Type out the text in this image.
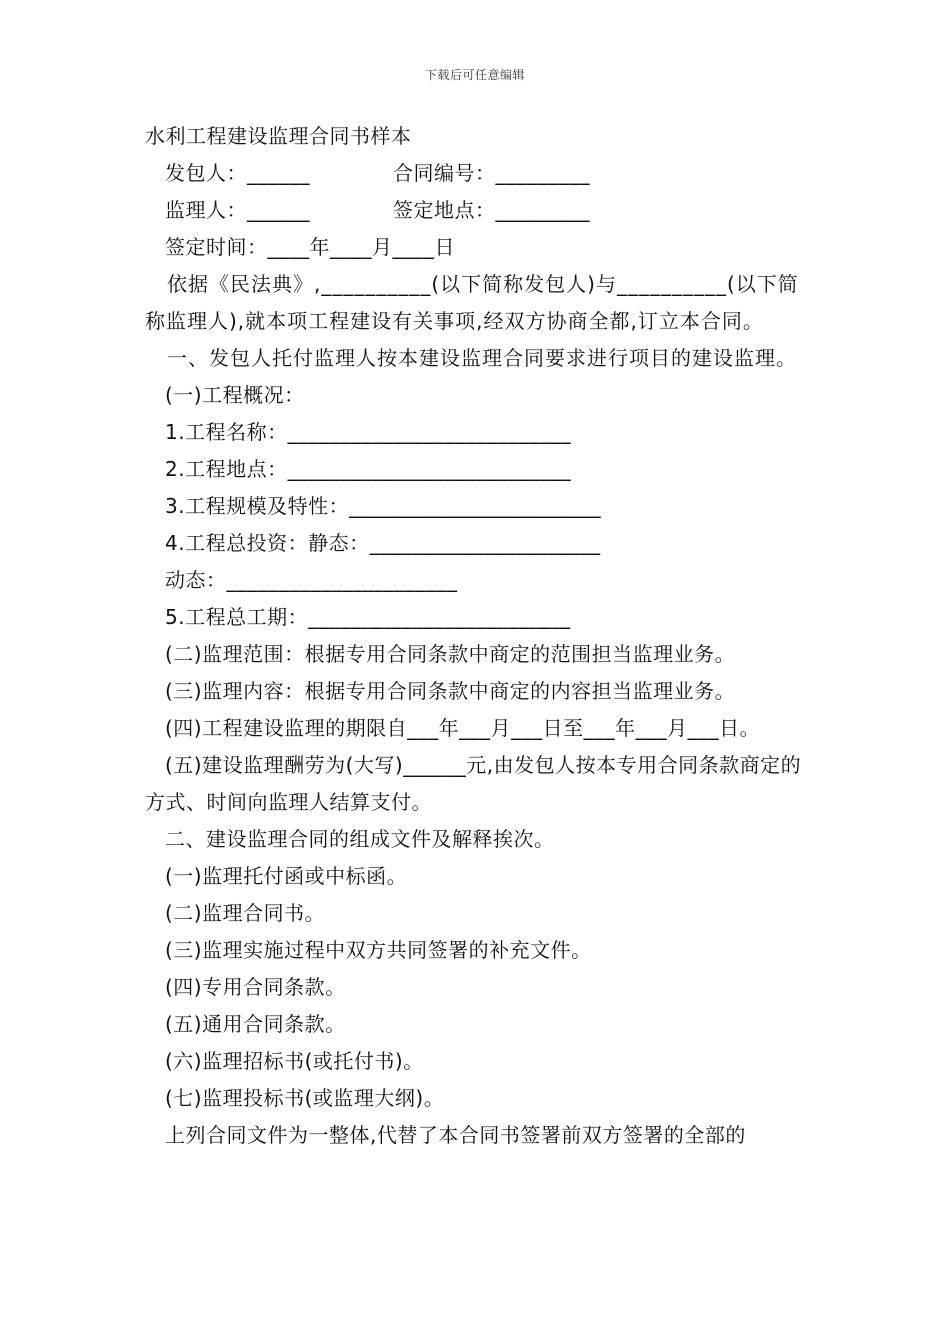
下载后可任意编辑
水利工程建设监理合同书样本
发包人：______	合同编号：_________
监理人：______	签定地点：_________
签定时间：____年____月____日
依据《民法典》,__________(以下简称发包人)与__________(以下简称监理人),就本项工程建设有关事项,经双方协商全都,订立本合同。
一、发包人托付监理人按本建设监理合同要求进行项目的建设监理。
(一)工程概况：
1.工程名称：___________________________
2.工程地点：___________________________
3.工程规模及特性：________________________
4.工程总投资：静态：______________________
动态：______________________
5.工程总工期：_________________________
(二)监理范围：根据专用合同条款中商定的范围担当监理业务。
(三)监理内容：根据专用合同条款中商定的内容担当监理业务。
(四)工程建设监理的期限自___年___月___日至___年___月___日。
(五)建设监理酬劳为(大写)______元,由发包人按本专用合同条款商定的方式、时间向监理人结算支付。
二、建设监理合同的组成文件及解释挨次。
(一)监理托付函或中标函。
(二)监理合同书。
(三)监理实施过程中双方共同签署的补充文件。
(四)专用合同条款。
(五)通用合同条款。
(六)监理招标书(或托付书)。
(七)监理投标书(或监理大纲)。
上列合同文件为一整体,代替了本合同书签署前双方签署的全部的
